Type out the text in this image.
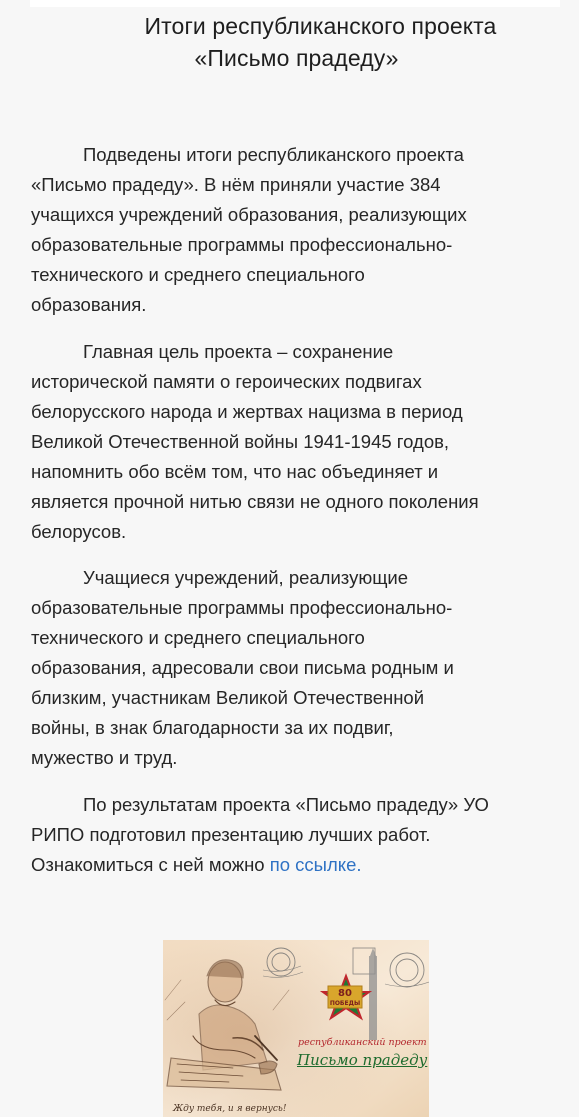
Итоги республиканского проекта
«Письмо прадеду»

Подведены итоги республиканского проекта
«Письмо прадеду». В нём приняли участие 384
учащихся учреждений образования, реализующих
образовательные программы профессионально-
технического и среднего специального
образования.

Главная цель проекта – сохранение
исторической памяти о героических подвигах
белорусского народа и жертвах нацизма в период
Великой Отечественной войны 1941-1945 годов,
напомнить обо всём том, что нас объединяет и
является прочной нитью связи не одного поколения
белорусов.

Учащиеся учреждений, реализующие
образовательные программы профессионально-
технического и среднего специального
образования, адресовали свои письма родным и
близким, участникам Великой Отечественной
войны, в знак благодарности за их подвиг,
мужество и труд.

По результатам проекта «Письмо прадеду» УО
РИПО подготовил презентацию лучших работ.
Ознакомиться с ней можно по ссылке.

80
ПОБЕДЫ
Жду тебя, и я вернусь!
республиканский проект
Письмо прадеду
